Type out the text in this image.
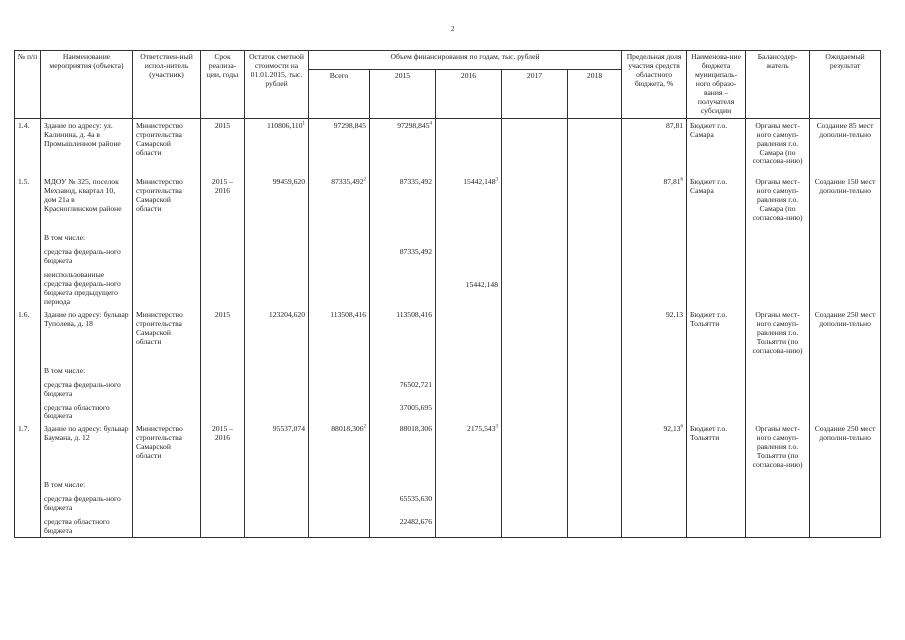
2
№ п/п	Наименование мероприятия (объекта)	Ответствен-ный испол-нитель (участник)	Срок реализа-ции, годы	Остаток сметной стоимости на 01.01.2015, тыс. рублей	Объем финансирования по годам, тыс. рублей					Предельная доля участия средств областного бюджета, %	Наименова-ние бюджета муниципаль-ного образо-вания – получателя субсидии	Балансодер-жатель	Ожидаемый результат
					Всего	2015	2016	2017	2018				
1.4.	Здание по адресу: ул. Калинина, д. 4а в Промышленном районе	Министерство строительства Самарской области	2015	110806,110$^1$	97298,845	97298,845$^4$				87,81	Бюджет г.о. Самара	Органы мест-ного самоуп-равления г.о. Самара (по согласова-нию)	Создание 85 мест дополни-тельно

1.5.	МДОУ № 325, поселок Мехзавод, квартал 10, дом 21а в Красноглинском районе	Министерство строительства Самарской области	2015 – 2016	99459,620	87335,492$^2$	87335,492	15442,148$^3$			87,81$^6$	Бюджет г.о. Самара	Органы мест-ного самоуп-равления г.о. Самара (по согласова-нию)	Создание 150 мест дополни-тельно
	В том числе:												
	средства федераль-ного бюджета					87335,492							
	неиспользованные средства федераль-ного бюджета предыдущего периода						15442,148						
1.6.	Здание по адресу: бульвар Туполева, д. 18	Министерство строительства Самарской области	2015	123204,620	113508,416	113508,416				92,13	Бюджет г.о. Тольятти	Органы мест-ного самоуп-равления г.о. Тольятти (по согласова-нию)	Создание 250 мест дополни-тельно
	В том числе:												
	средства федераль-ного бюджета					76502,721							
	средства областного бюджета					37005,695							
1.7.	Здание по адресу: бульвар Баумана, д. 12	Министерство строительства Самарской области	2015 – 2016	95537,074	88018,306$^2$	88018,306	2175,543$^3$			92,13$^6$	Бюджет г.о. Тольятти	Органы мест-ного самоуп-равления г.о. Тольятти (по согласова-нию)	Создание 250 мест дополни-тельно
	В том числе:												
	средства федераль-ного бюджета					65535,630							
	средства областного бюджета					22482,676							
